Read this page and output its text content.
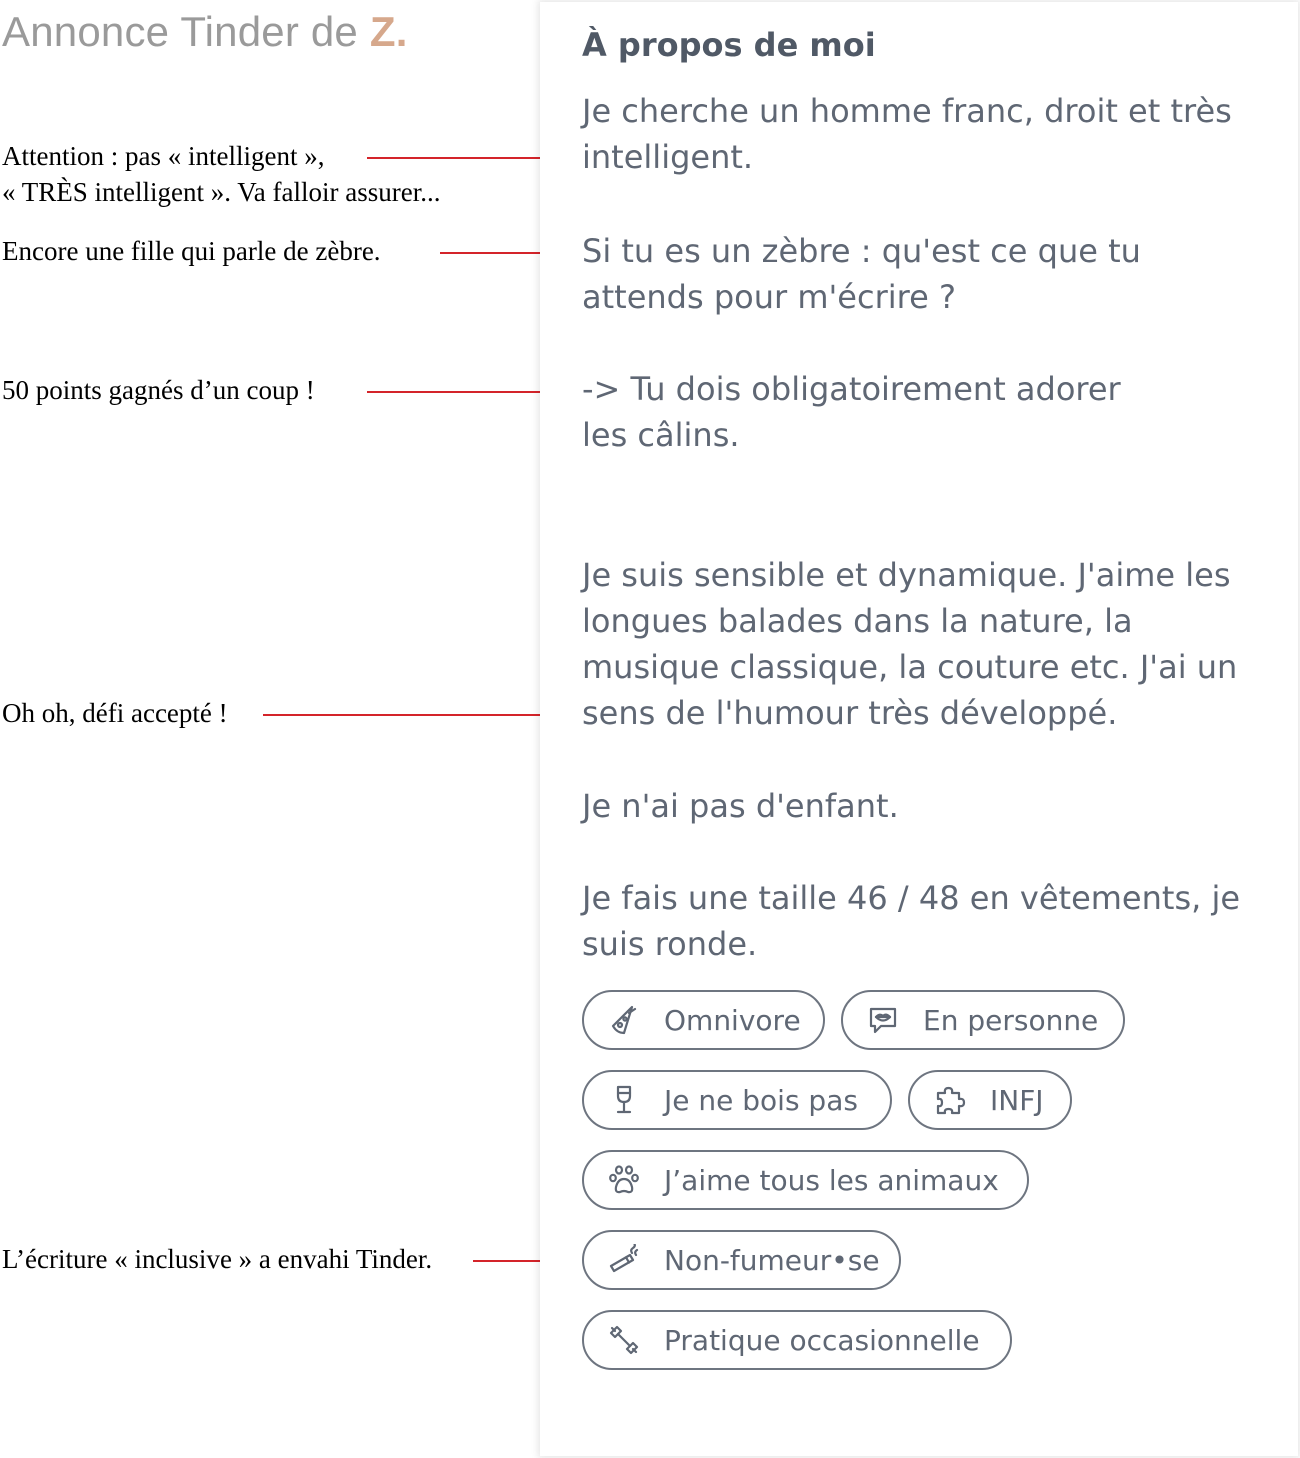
Annonce Tinder de Z.
Attention : pas « intelligent »,
« TRÈS intelligent ». Va falloir assurer...
Encore une fille qui parle de zèbre.
50 points gagnés d’un coup !
Oh oh, défi accepté !
L’écriture « inclusive » a envahi Tinder.
À propos de moi

Je cherche un homme franc, droit et très
intelligent.

Si tu es un zèbre : qu'est ce que tu
attends pour m'écrire ?

-> Tu dois obligatoirement adorer
les câlins.

Je suis sensible et dynamique. J'aime les
longues balades dans la nature, la
musique classique, la couture etc. J'ai un
sens de l'humour très développé.

Je n'ai pas d'enfant.

Je fais une taille 46 / 48 en vêtements, je
suis ronde.

Omnivore	En personne
Je ne bois pas	INFJ
J’aime tous les animaux
Non-fumeur•se
Pratique occasionnelle
